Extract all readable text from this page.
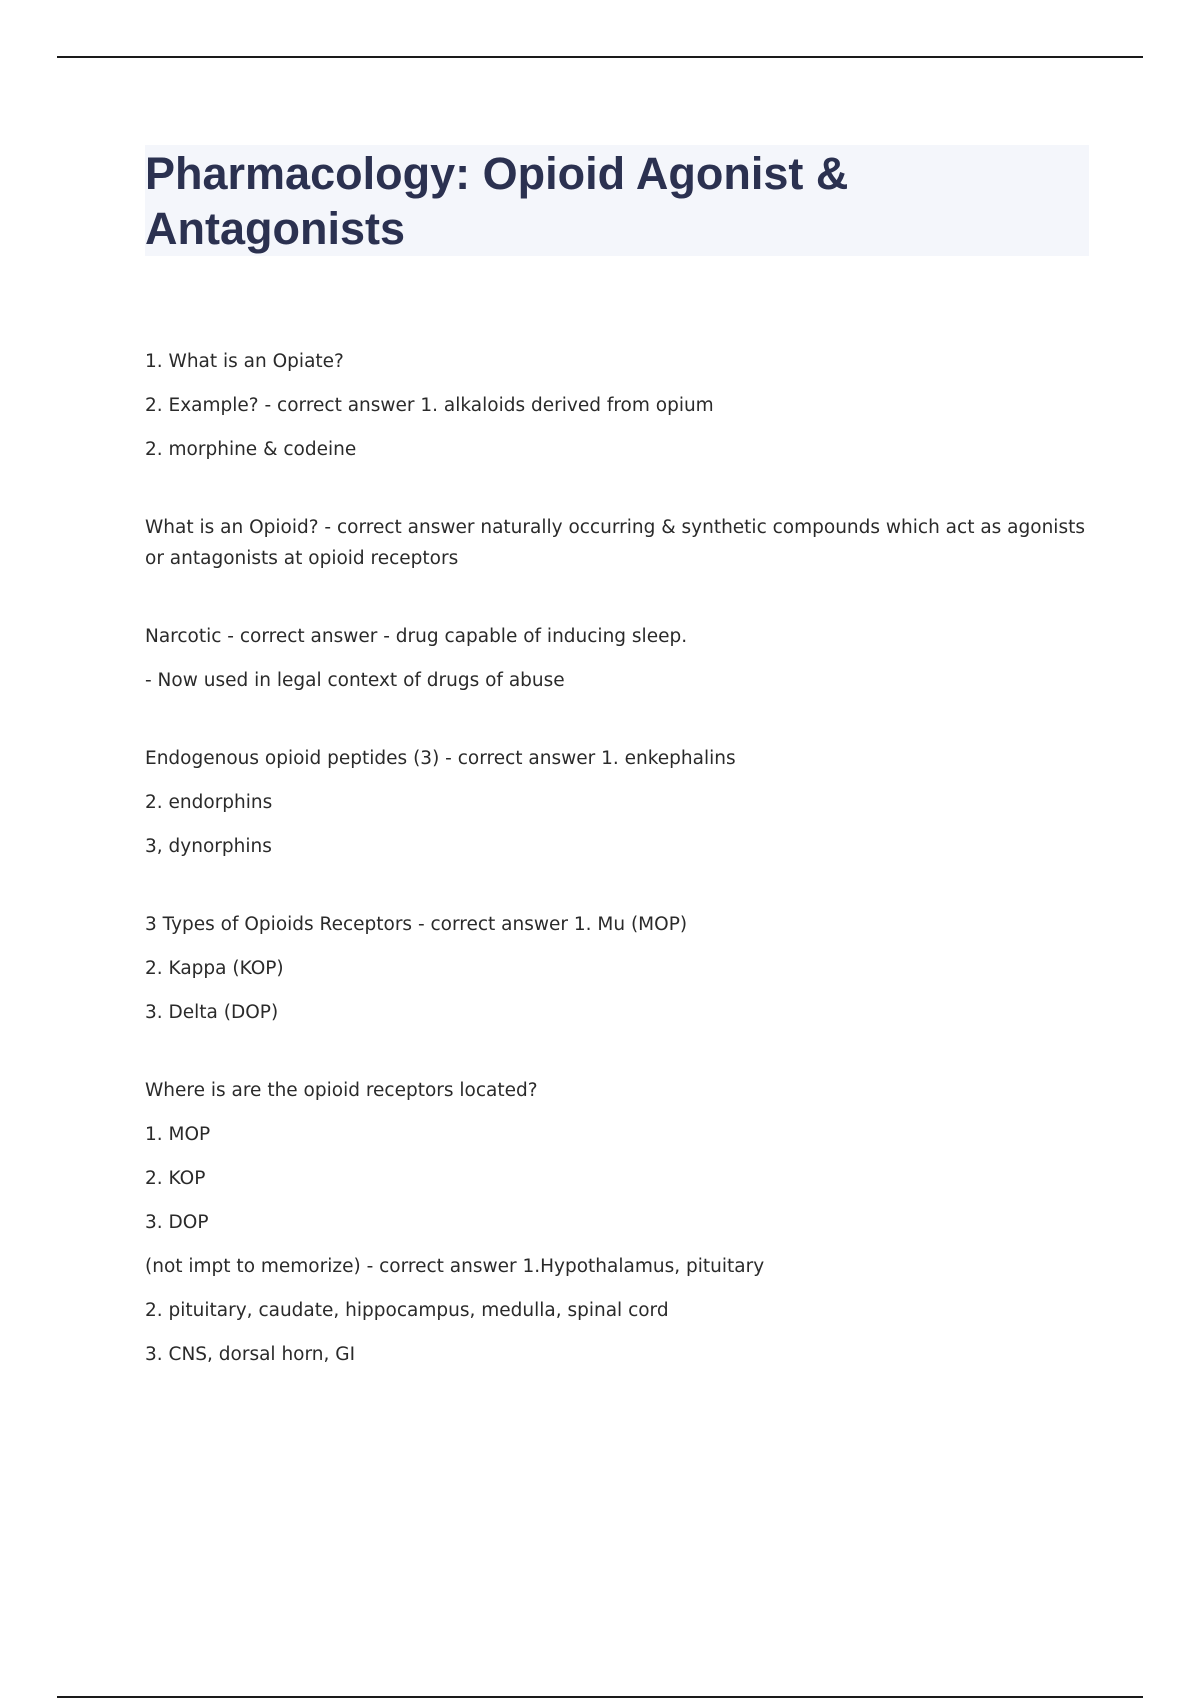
Pharmacology: Opioid Agonist & Antagonists
1. What is an Opiate?
2. Example? - correct answer 1. alkaloids derived from opium
2. morphine & codeine
What is an Opioid? - correct answer naturally occurring & synthetic compounds which act as agonists or antagonists at opioid receptors
Narcotic - correct answer - drug capable of inducing sleep.
- Now used in legal context of drugs of abuse
Endogenous opioid peptides (3) - correct answer 1. enkephalins
2. endorphins
3, dynorphins
3 Types of Opioids Receptors - correct answer 1. Mu (MOP)
2. Kappa (KOP)
3. Delta (DOP)
Where is are the opioid receptors located?
1. MOP
2. KOP
3. DOP
(not impt to memorize) - correct answer 1.Hypothalamus, pituitary
2. pituitary, caudate, hippocampus, medulla, spinal cord
3. CNS, dorsal horn, GI
